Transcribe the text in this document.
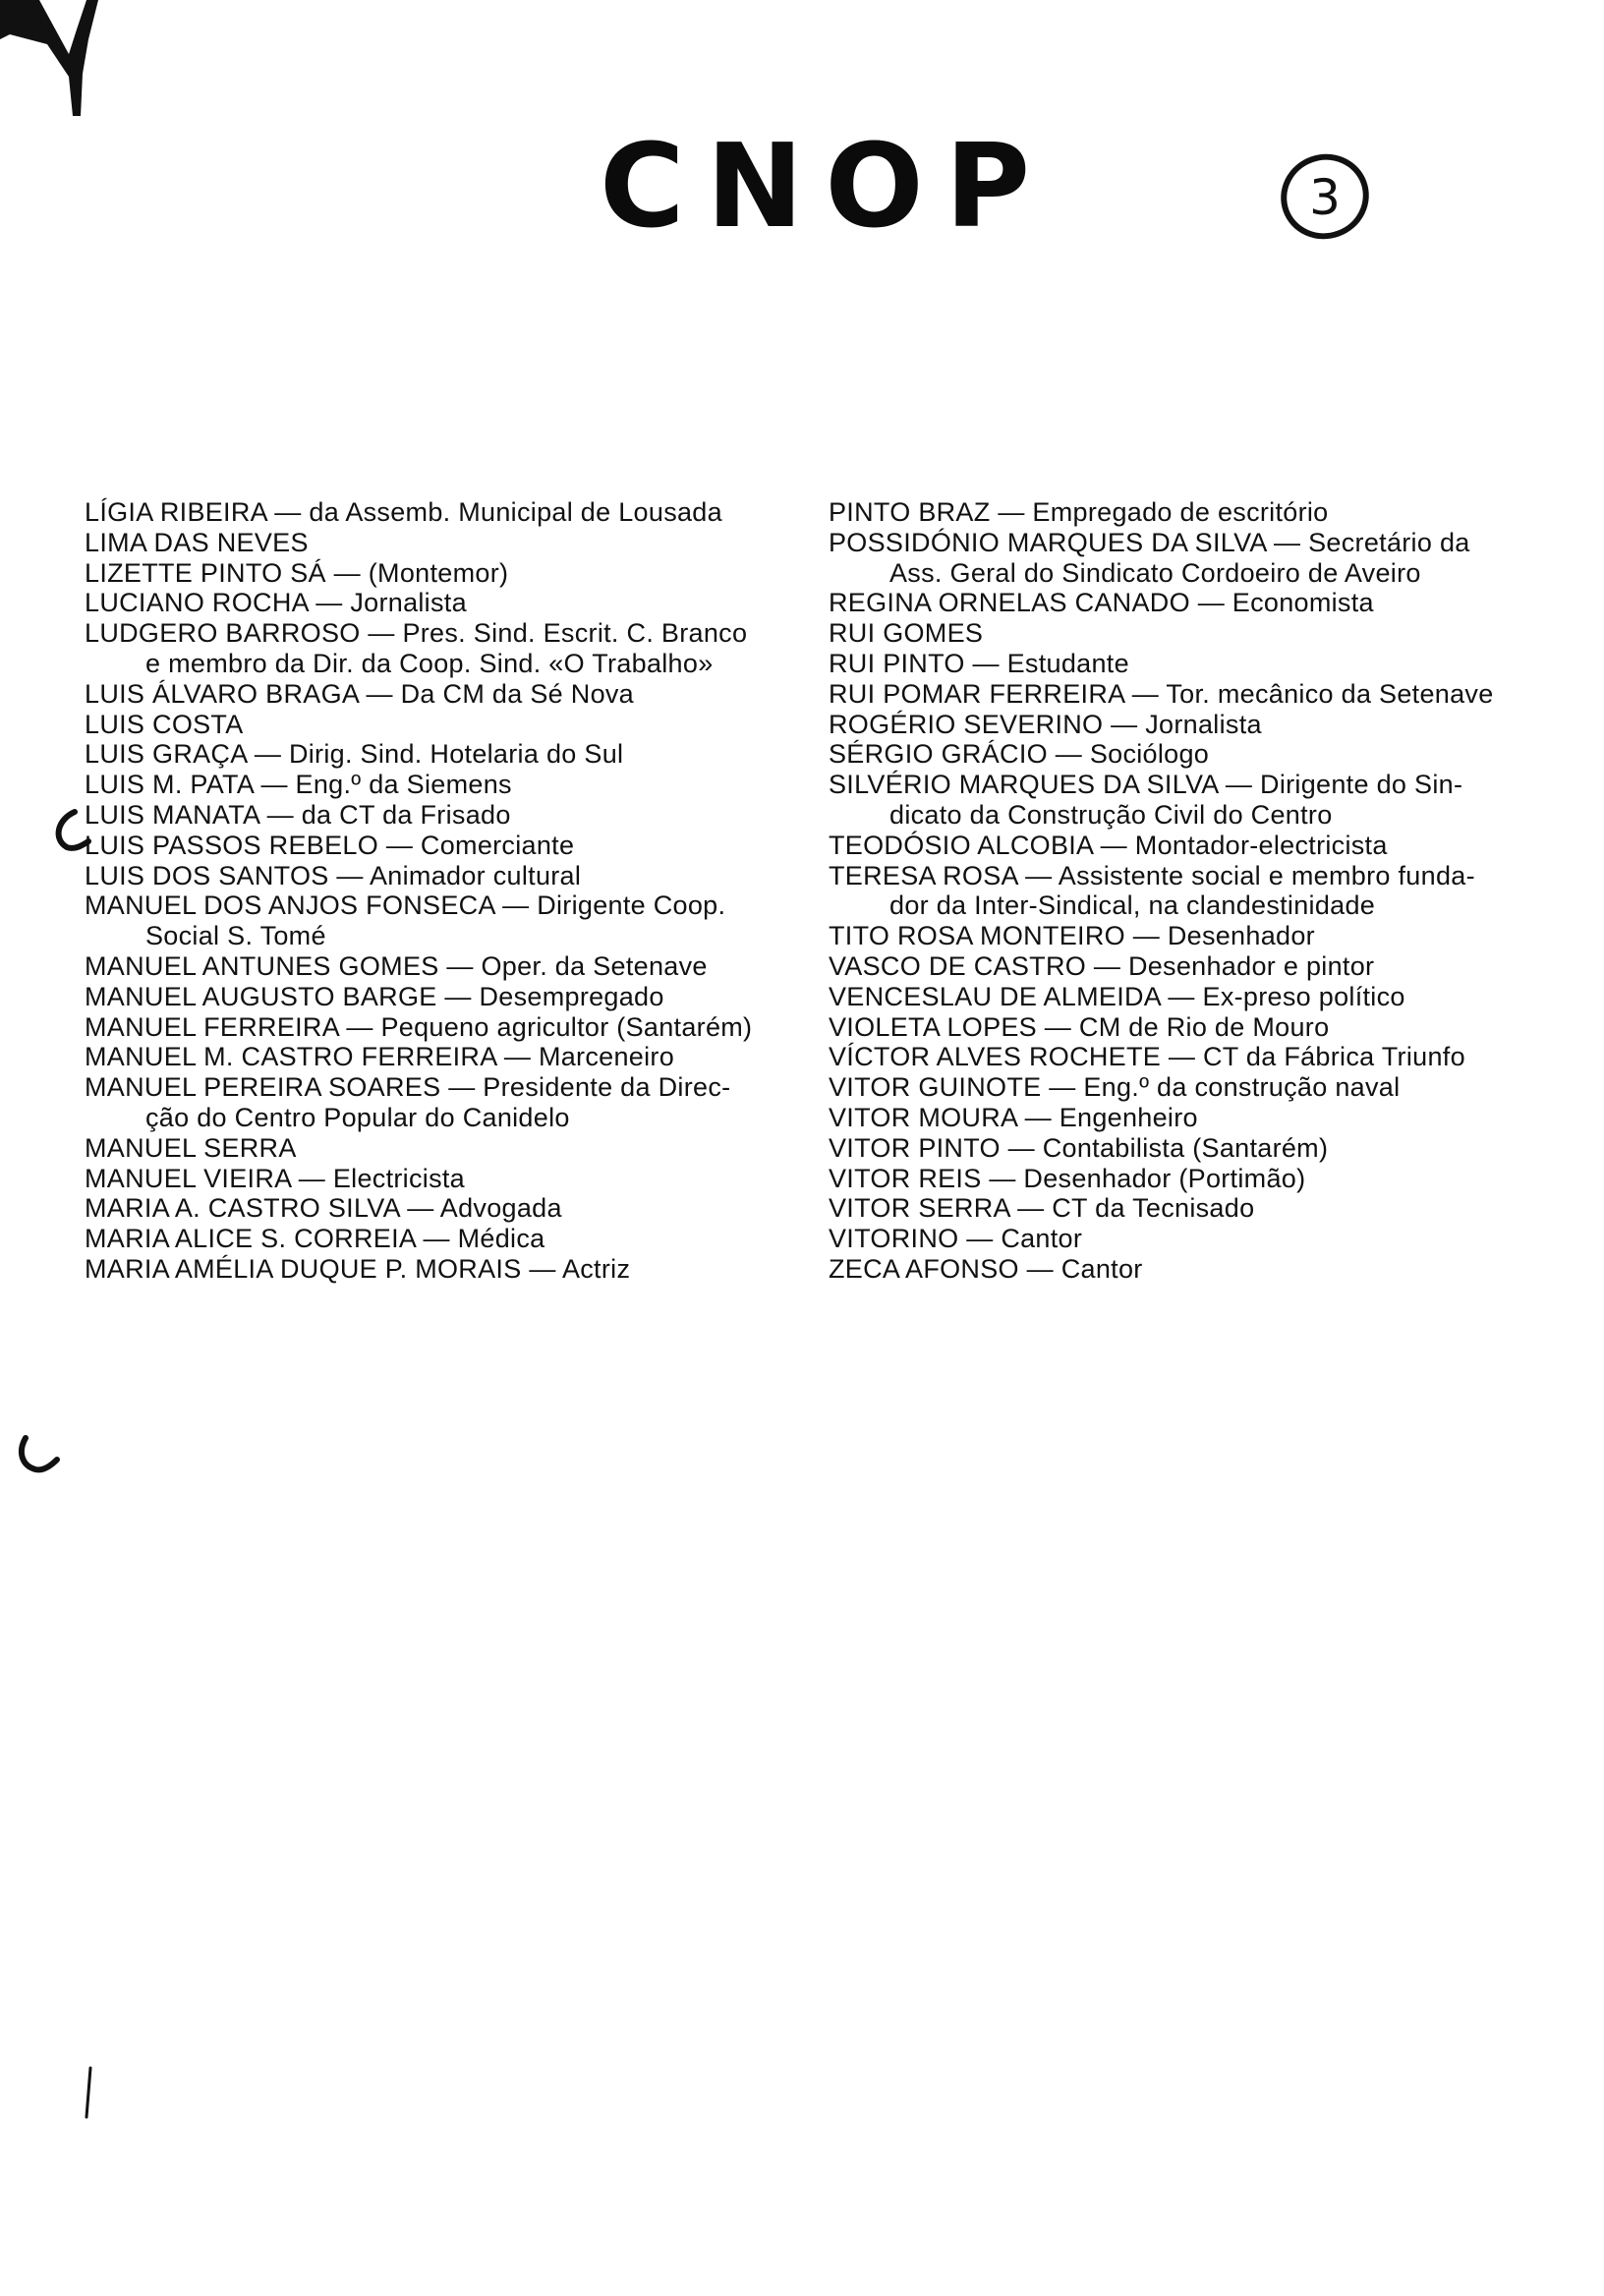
CNOP	3
LÍGIA RIBEIRA — da Assemb. Municipal de Lousada
LIMA DAS NEVES
LIZETTE PINTO SÁ — (Montemor)
LUCIANO ROCHA — Jornalista
LUDGERO BARROSO — Pres. Sind. Escrit. C. Branco
e membro da Dir. da Coop. Sind. «O Trabalho»
LUIS ÁLVARO BRAGA — Da CM da Sé Nova
LUIS COSTA
LUIS GRAÇA — Dirig. Sind. Hotelaria do Sul
LUIS M. PATA — Eng.º da Siemens
LUIS MANATA — da CT da Frisado
LUIS PASSOS REBELO — Comerciante
LUIS DOS SANTOS — Animador cultural
MANUEL DOS ANJOS FONSECA — Dirigente Coop.
Social S. Tomé
MANUEL ANTUNES GOMES — Oper. da Setenave
MANUEL AUGUSTO BARGE — Desempregado
MANUEL FERREIRA — Pequeno agricultor (Santarém)
MANUEL M. CASTRO FERREIRA — Marceneiro
MANUEL PEREIRA SOARES — Presidente da Direc-
ção do Centro Popular do Canidelo
MANUEL SERRA
MANUEL VIEIRA — Electricista
MARIA A. CASTRO SILVA — Advogada
MARIA ALICE S. CORREIA — Médica
MARIA AMÉLIA DUQUE P. MORAIS — Actriz
PINTO BRAZ — Empregado de escritório
POSSIDÓNIO MARQUES DA SILVA — Secretário da
Ass. Geral do Sindicato Cordoeiro de Aveiro
REGINA ORNELAS CANADO — Economista
RUI GOMES
RUI PINTO — Estudante
RUI POMAR FERREIRA — Tor. mecânico da Setenave
ROGÉRIO SEVERINO — Jornalista
SÉRGIO GRÁCIO — Sociólogo
SILVÉRIO MARQUES DA SILVA — Dirigente do Sin-
dicato da Construção Civil do Centro
TEODÓSIO ALCOBIA — Montador-electricista
TERESA ROSA — Assistente social e membro funda-
dor da Inter-Sindical, na clandestinidade
TITO ROSA MONTEIRO — Desenhador
VASCO DE CASTRO — Desenhador e pintor
VENCESLAU DE ALMEIDA — Ex-preso político
VIOLETA LOPES — CM de Rio de Mouro
VÍCTOR ALVES ROCHETE — CT da Fábrica Triunfo
VITOR GUINOTE — Eng.º da construção naval
VITOR MOURA — Engenheiro
VITOR PINTO — Contabilista (Santarém)
VITOR REIS — Desenhador (Portimão)
VITOR SERRA — CT da Tecnisado
VITORINO — Cantor
ZECA AFONSO — Cantor
